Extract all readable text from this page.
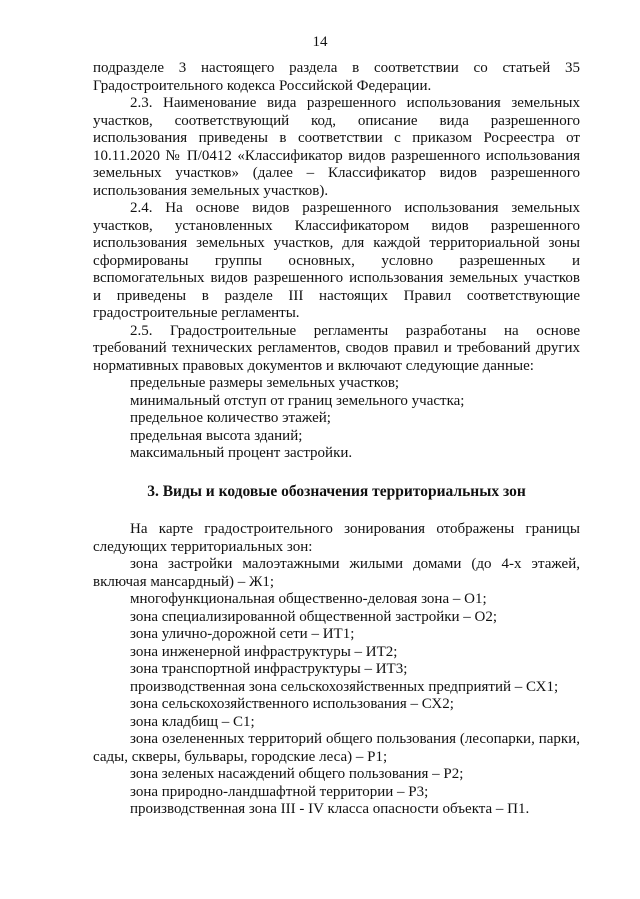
14

подразделе 3 настоящего раздела в соответствии со статьей 35 Градостроительного кодекса Российской Федерации.

2.3. Наименование вида разрешенного использования земельных участков, соответствующий код, описание вида разрешенного использования приведены в соответствии с приказом Росреестра от 10.11.2020 № П/0412 «Классификатор видов разрешенного использования земельных участков» (далее – Классификатор видов разрешенного использования земельных участков).

2.4. На основе видов разрешенного использования земельных участков, установленных Классификатором видов разрешенного использования земельных участков, для каждой территориальной зоны сформированы группы основных, условно разрешенных и вспомогательных видов разрешенного использования земельных участков и приведены в разделе III настоящих Правил соответствующие градостроительные регламенты.

2.5. Градостроительные регламенты разработаны на основе требований технических регламентов, сводов правил и требований других нормативных правовых документов и включают следующие данные:

предельные размеры земельных участков;

минимальный отступ от границ земельного участка;

предельное количество этажей;

предельная высота зданий;

максимальный процент застройки.

3. Виды и кодовые обозначения территориальных зон

На карте градостроительного зонирования отображены границы следующих территориальных зон:

зона застройки малоэтажными жилыми домами (до 4-х этажей, включая мансардный) – Ж1;

многофункциональная общественно-деловая зона – О1;

зона специализированной общественной застройки – О2;

зона улично-дорожной сети – ИТ1;

зона инженерной инфраструктуры – ИТ2;

зона транспортной инфраструктуры – ИТ3;

производственная зона сельскохозяйственных предприятий – СХ1;

зона сельскохозяйственного использования – СХ2;

зона кладбищ – С1;

зона озелененных территорий общего пользования (лесопарки, парки, сады, скверы, бульвары, городские леса) – Р1;

зона зеленых насаждений общего пользования – Р2;

зона природно-ландшафтной территории – Р3;

производственная зона III - IV класса опасности объекта – П1.
